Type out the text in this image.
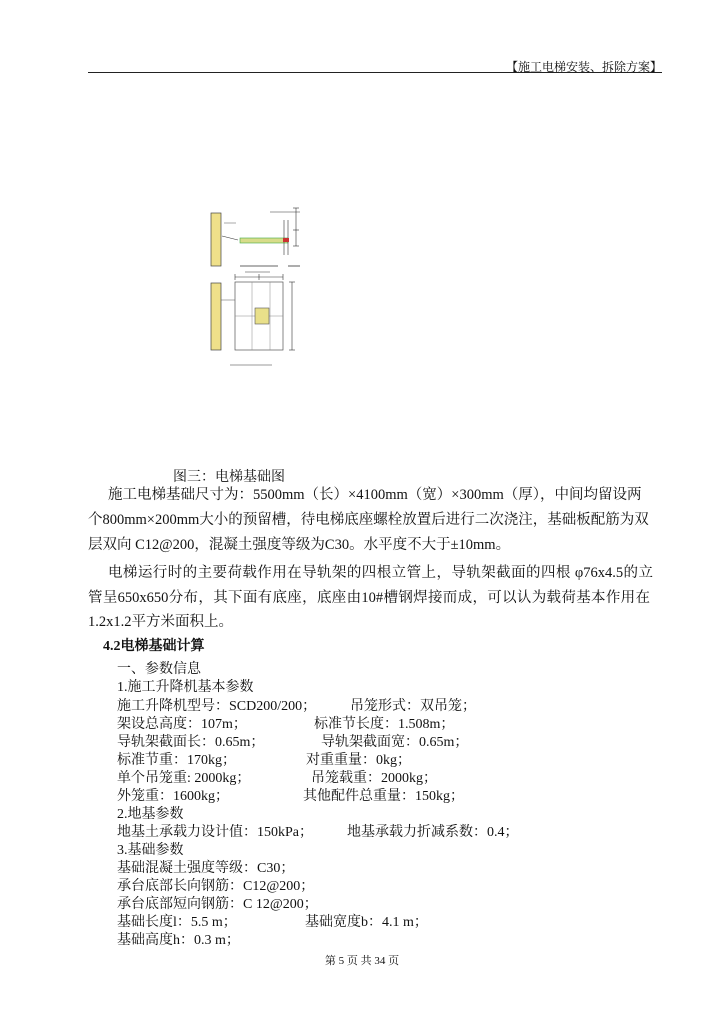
【施工电梯安装、拆除方案】
图三：电梯基础图
施工电梯基础尺寸为：5500mm（长）×4100mm（宽）×300mm（厚），中间均留设两
个800mm×200mm大小的预留槽，待电梯底座螺栓放置后进行二次浇注，基础板配筋为双
层双向 C12@200，混凝土强度等级为C30。水平度不大于±10mm。
电梯运行时的主要荷载作用在导轨架的四根立管上，导轨架截面的四根 φ76x4.5的立
管呈650x650分布，其下面有底座，底座由10#槽钢焊接而成，可以认为载荷基本作用在
1.2x1.2平方米面积上。
4.2电梯基础计算
一、参数信息
1.施工升降机基本参数
施工升降机型号：SCD200/200； 吊笼形式：双吊笼；
架设总高度：107m；	标准节长度：1.508m；
导轨架截面长：0.65m；	导轨架截面宽：0.65m；
标准节重：170kg；	对重重量：0kg；
单个吊笼重: 2000kg；	吊笼载重：2000kg；
外笼重：1600kg；	其他配件总重量：150kg；
2.地基参数
地基土承载力设计值：150kPa； 地基承载力折减系数：0.4；
3.基础参数
基础混凝土强度等级：C30；
承台底部长向钢筋：C12@200；
承台底部短向钢筋：C 12@200；
基础长度l：5.5 m；	基础宽度b：4.1 m；
基础高度h：0.3 m；
第 5 页 共 34 页
